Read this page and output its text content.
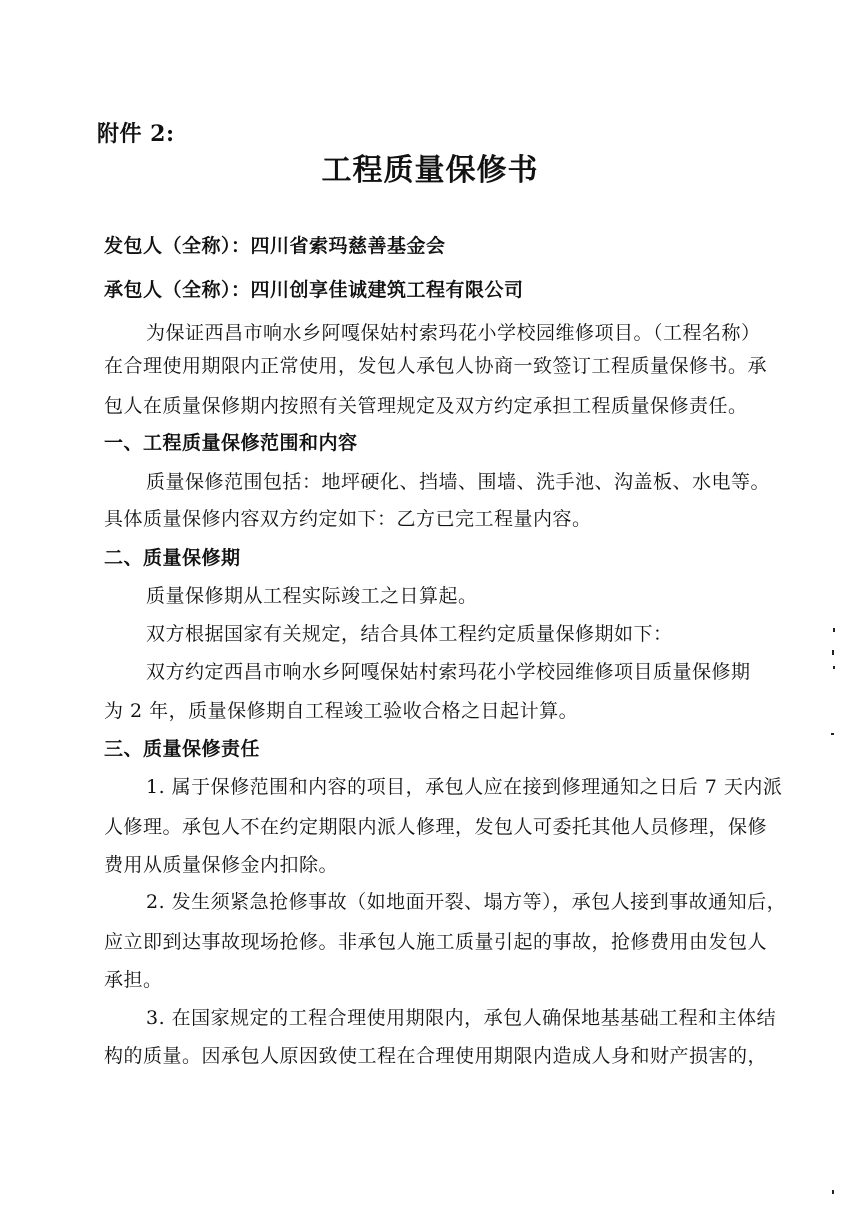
附件 2:
工程质量保修书
发包人（全称）：四川省索玛慈善基金会
承包人（全称）：四川创享佳诚建筑工程有限公司
为保证西昌市响水乡阿嘎保姑村索玛花小学校园维修项目。（工程名称）
在合理使用期限内正常使用，发包人承包人协商一致签订工程质量保修书。承
包人在质量保修期内按照有关管理规定及双方约定承担工程质量保修责任。
一、工程质量保修范围和内容
质量保修范围包括：地坪硬化、挡墙、围墙、洗手池、沟盖板、水电等。
具体质量保修内容双方约定如下：乙方已完工程量内容。
二、质量保修期
质量保修期从工程实际竣工之日算起。
双方根据国家有关规定，结合具体工程约定质量保修期如下：
双方约定西昌市响水乡阿嘎保姑村索玛花小学校园维修项目质量保修期
为 2 年，质量保修期自工程竣工验收合格之日起计算。
三、质量保修责任
1. 属于保修范围和内容的项目，承包人应在接到修理通知之日后 7 天内派
人修理。承包人不在约定期限内派人修理，发包人可委托其他人员修理，保修
费用从质量保修金内扣除。
2. 发生须紧急抢修事故（如地面开裂、塌方等），承包人接到事故通知后，
应立即到达事故现场抢修。非承包人施工质量引起的事故，抢修费用由发包人
承担。
3. 在国家规定的工程合理使用期限内，承包人确保地基基础工程和主体结
构的质量。因承包人原因致使工程在合理使用期限内造成人身和财产损害的，
